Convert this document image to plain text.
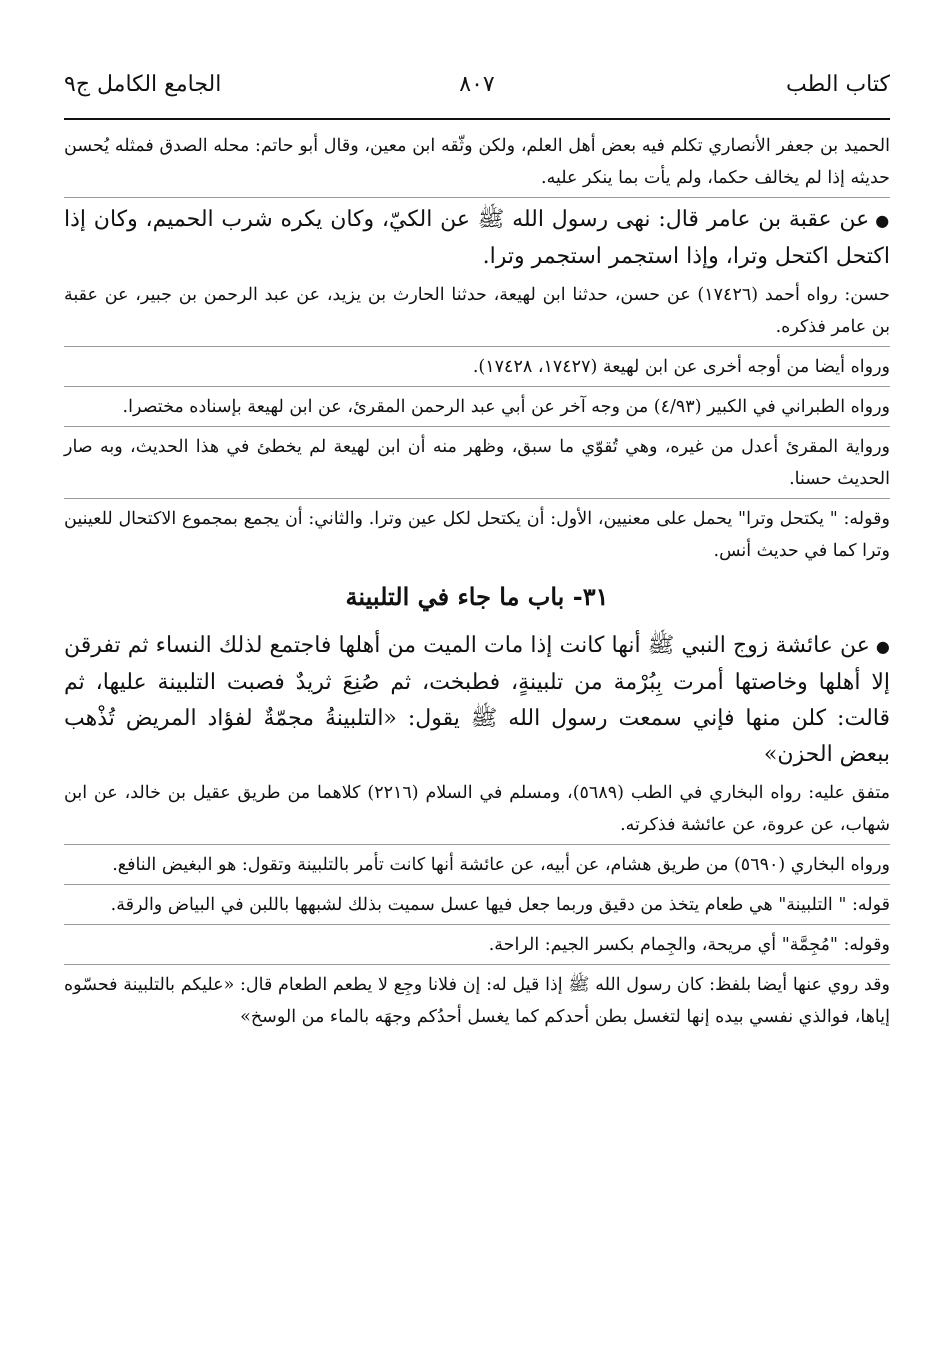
كتاب الطب
٨٠٧
الجامع الكامل ج٩

الحميد بن جعفر الأنصاري تكلم فيه بعض أهل العلم، ولكن وثّقه ابن معين، وقال أبو حاتم: محله الصدق فمثله يُحسن حديثه إذا لم يخالف حكما، ولم يأت بما ينكر عليه.

●عن عقبة بن عامر قال: نهى رسول الله ﷺ عن الكيّ، وكان يكره شرب الحميم، وكان إذا اكتحل اكتحل وترا، وإذا استجمر استجمر وترا.

حسن: رواه أحمد (١٧٤٢٦) عن حسن، حدثنا ابن لهيعة، حدثنا الحارث بن يزيد، عن عبد الرحمن بن جبير، عن عقبة بن عامر فذكره.

ورواه أيضا من أوجه أخرى عن ابن لهيعة (١٧٤٢٧، ١٧٤٢٨).

ورواه الطبراني في الكبير (٤/٩٣) من وجه آخر عن أبي عبد الرحمن المقرئ، عن ابن لهيعة بإسناده مختصرا.

ورواية المقرئ أعدل من غيره، وهي تُقوّي ما سبق، وظهر منه أن ابن لهيعة لم يخطئ في هذا الحديث، وبه صار الحديث حسنا.

وقوله: " يكتحل وترا" يحمل على معنيين، الأول: أن يكتحل لكل عين وترا. والثاني: أن يجمع بمجموع الاكتحال للعينين وترا كما في حديث أنس.

٣١- باب ما جاء في التلبينة

●عن عائشة زوج النبي ﷺ أنها كانت إذا مات الميت من أهلها فاجتمع لذلك النساء ثم تفرقن إلا أهلها وخاصتها أمرت بِبُرْمة من تلبينةٍ، فطبخت، ثم صُنِعَ ثريدٌ فصبت التلبينة عليها، ثم قالت: كلن منها فإني سمعت رسول الله ﷺ يقول: «التلبينةُ مجمّةٌ لفؤاد المريض تُذْهب ببعض الحزن»

متفق عليه: رواه البخاري في الطب (٥٦٨٩)، ومسلم في السلام (٢٢١٦) كلاهما من طريق عقيل بن خالد، عن ابن شهاب، عن عروة، عن عائشة فذكرته.

ورواه البخاري (٥٦٩٠) من طريق هشام، عن أبيه، عن عائشة أنها كانت تأمر بالتلبينة وتقول: هو البغيض النافع.

قوله: " التلبينة" هي طعام يتخذ من دقيق وربما جعل فيها عسل سميت بذلك لشبهها باللبن في البياض والرقة.

وقوله: "مُجِمَّة" أي مريحة، والجِمام بكسر الجيم: الراحة.

وقد روي عنها أيضا بلفظ: كان رسول الله ﷺ إذا قيل له: إن فلانا وجِع لا يطعم الطعام قال: «عليكم بالتلبينة فحسّوه إياها، فوالذي نفسي بيده إنها لتغسل بطن أحدكم كما يغسل أحدُكم وجهَه بالماء من الوسخ»
